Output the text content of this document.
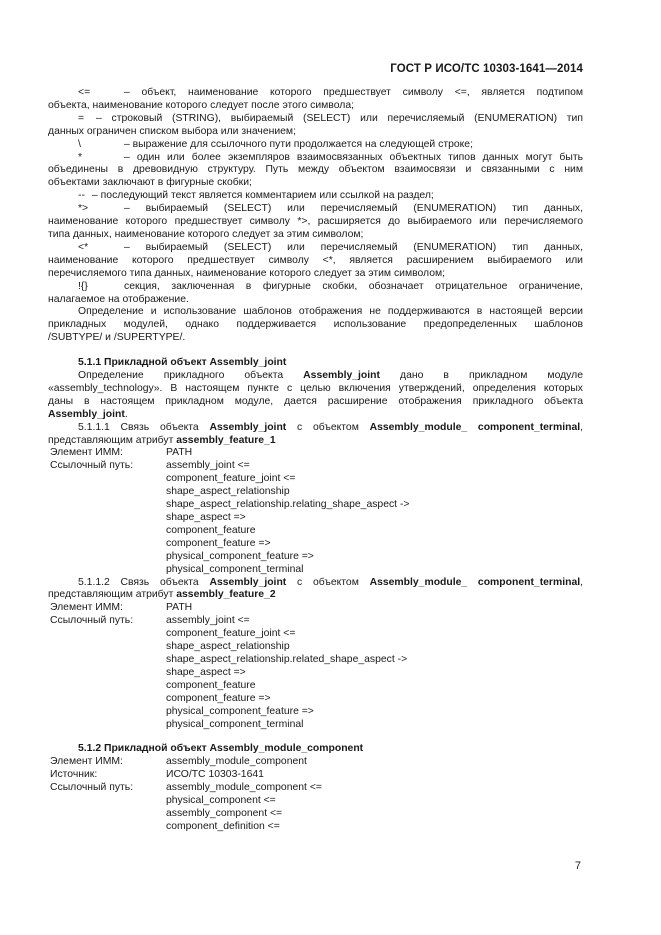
ГОСТ Р ИСО/ТС 10303-1641—2014
<=	– объект, наименование которого предшествует символу <=, является подтипом

объекта, наименование которого следует после этого символа;

=	– строковый (STRING), выбираемый (SELECT) или перечисляемый (ENUMERATION) тип

данных ограничен списком выбора или значением;

\	– выражение для ссылочного пути продолжается на следующей строке;
*	– один или более экземпляров взаимосвязанных объектных типов данных могут быть

объединены в древовидную структуру. Путь между объектом взаимосвязи и связанными с ним

объектами заключают в фигурные скобки;

-- – последующий текст является комментарием или ссылкой на раздел;
*>	– выбираемый (SELECT) или перечисляемый (ENUMERATION) тип данных,

наименование которого предшествует символу *>, расширяется до выбираемого или перечисляемого

типа данных, наименование которого следует за этим символом;

<*	– выбираемый (SELECT) или перечисляемый (ENUMERATION) тип данных,

наименование которого предшествует символу <*, является расширением выбираемого или

перечисляемого типа данных, наименование которого следует за этим символом;

!{}	секция, заключенная в фигурные скобки, обозначает отрицательное ограничение,

налагаемое на отображение.

Определение и использование шаблонов отображения не поддерживаются в настоящей версии

прикладных модулей, однако поддерживается использование предопределенных шаблонов

/SUBTYPE/ и /SUPERTYPE/.

5.1.1 Прикладной объект Assembly_joint

Определение прикладного объекта Assembly_joint дано в прикладном модуле

«assembly_technology». В настоящем пункте с целью включения утверждений, определения которых

даны в настоящем прикладном модуле, дается расширение отображения прикладного объекта

Assembly_joint.

5.1.1.1 Связь объекта Assembly_joint с объектом Assembly_module_ component_terminal,

представляющим атрибут assembly_feature_1

Элемент ИММ:	PATH
Ссылочный путь:	assembly_joint <=
component_feature_joint <=
shape_aspect_relationship
shape_aspect_relationship.relating_shape_aspect ->
shape_aspect =>
component_feature
component_feature =>
physical_component_feature =>
physical_component_terminal

5.1.1.2 Связь объекта Assembly_joint с объектом Assembly_module_ component_terminal,

представляющим атрибут assembly_feature_2

Элемент ИММ:	PATH
Ссылочный путь:	assembly_joint <=
component_feature_joint <=
shape_aspect_relationship
shape_aspect_relationship.related_shape_aspect ->
shape_aspect =>
component_feature
component_feature =>
physical_component_feature =>
physical_component_terminal

5.1.2 Прикладной объект Assembly_module_component

Элемент ИММ:	assembly_module_component
Источник:	ИСО/ТС 10303-1641
Ссылочный путь:	assembly_module_component <=
physical_component <=
assembly_component <=
component_definition <=
7
